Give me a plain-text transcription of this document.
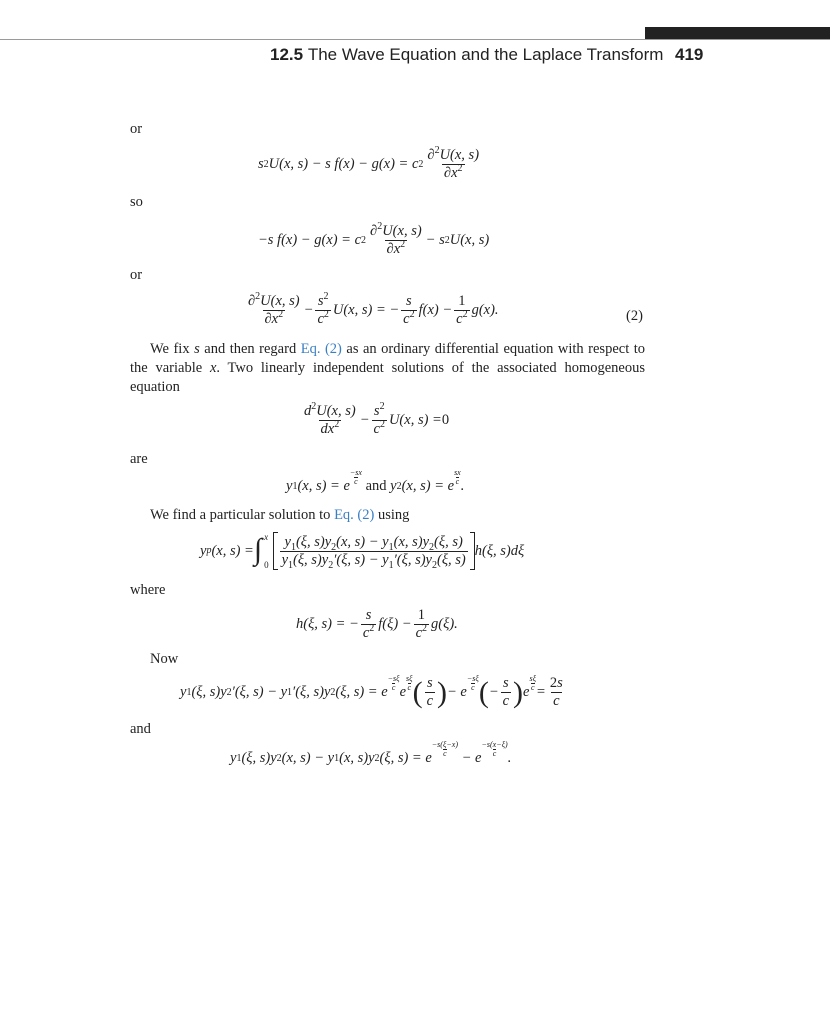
12.5 The Wave Equation and the Laplace Transform 419
or
s 2 U(x, s) − s f(x) − g(x) = c $2 \frac{\partial^2U(x, s)}{\partial x^2}$
so
−s f(x) − g(x) = c $2 \frac{\partial^2U(x, s)}{\partial x^2} - s$ 2 U(x, s)
or
$\frac{\partial^2U(x, s)}{\partial x^2} - \frac{s^2}{c^2} U(x$, s) = − $\frac{s}{c^2} f(x) - \frac{1}{c^2} g(x)$.	(2)
We fix s and then regard Eq. (2) as an ordinary differential equation with respect to the variable x. Two linearly independent solutions of the associated homogeneous equation
$\frac{d^2U(x, s)}{dx^2} - \frac{s^2}{c^2} U(x$, s) = 0
are
y 1 (x, s) = e
−sx
c and y 2 (x, s) = e
sx
c .
We find a particular solution to Eq. (2) using
y p (x, s) = ∫ x
$0 \frac{y_1(\xi, s)y_2(x, s) - y_1(x, s)y_2(\xi, s)}{y_1(\xi, s)y_2'(\xi, s) - y_1'(\xi, s)y_2(\xi, s)} h(\xi$, s)dξ
where
h(ξ, s) = − $\frac{s}{c^2} f(\xi) - \frac{1}{c^2} g(\xi)$.
Now
y 1 (ξ, s)y 2 ′(ξ, s) − y 1 ′(ξ, s)y 2 (ξ, s) = e
−sξ
c e
sξ
c ( $\frac{s}{c}$ ) − e
−sξ
c ( − $\frac{s}{c}$ ) e
sξ
$c = \frac{2s}{c}$
and
y 1 (ξ, s)y 2 (x, s) − y 1 (x, s)y 2 (ξ, s) = e
−s(ξ−x)
c − e
−s(x−ξ)
c .
